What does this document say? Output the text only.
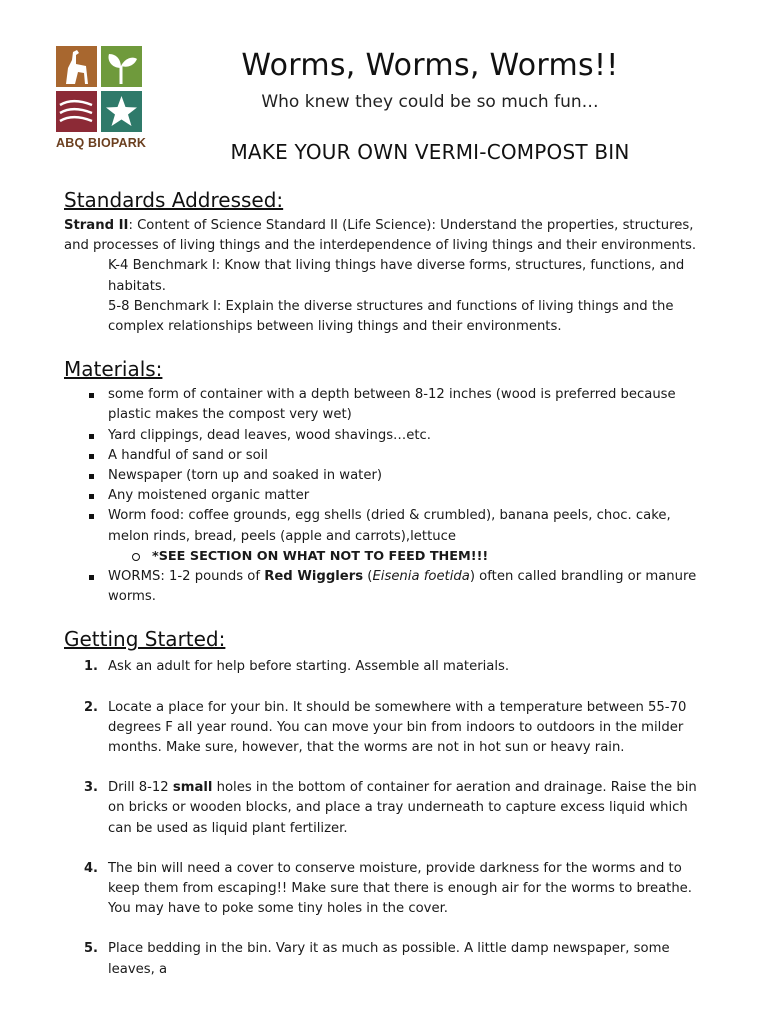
ABQ BIOPARK
Worms, Worms, Worms!!
Who knew they could be so much fun…
MAKE YOUR OWN VERMI-COMPOST BIN
Standards Addressed:

Strand II: Content of Science Standard II (Life Science): Understand the properties, structures, and processes of living things and the interdependence of living things and their environments.

K-4 Benchmark I: Know that living things have diverse forms, structures, functions, and habitats.

5-8 Benchmark I: Explain the diverse structures and functions of living things and the complex relationships between living things and their environments.

Materials:
some form of container with a depth between 8-12 inches (wood is preferred because plastic makes the compost very wet)
Yard clippings, dead leaves, wood shavings…etc.
A handful of sand or soil
Newspaper (torn up and soaked in water)
Any moistened organic matter
Worm food: coffee grounds, egg shells (dried & crumbled), banana peels, choc. cake, melon rinds, bread, peels (apple and carrots),lettuce
*SEE SECTION ON WHAT NOT TO FEED THEM!!!
WORMS: 1-2 pounds of Red Wigglers (Eisenia foetida) often called brandling or manure worms.
Getting Started:
1. Ask an adult for help before starting. Assemble all materials.
2. Locate a place for your bin. It should be somewhere with a temperature between 55-70 degrees F all year round. You can move your bin from indoors to outdoors in the milder months. Make sure, however, that the worms are not in hot sun or heavy rain.
3. Drill 8-12 small holes in the bottom of container for aeration and drainage. Raise the bin on bricks or wooden blocks, and place a tray underneath to capture excess liquid which can be used as liquid plant fertilizer.
4. The bin will need a cover to conserve moisture, provide darkness for the worms and to keep them from escaping!! Make sure that there is enough air for the worms to breathe. You may have to poke some tiny holes in the cover.
5. Place bedding in the bin. Vary it as much as possible. A little damp newspaper, some leaves, a
